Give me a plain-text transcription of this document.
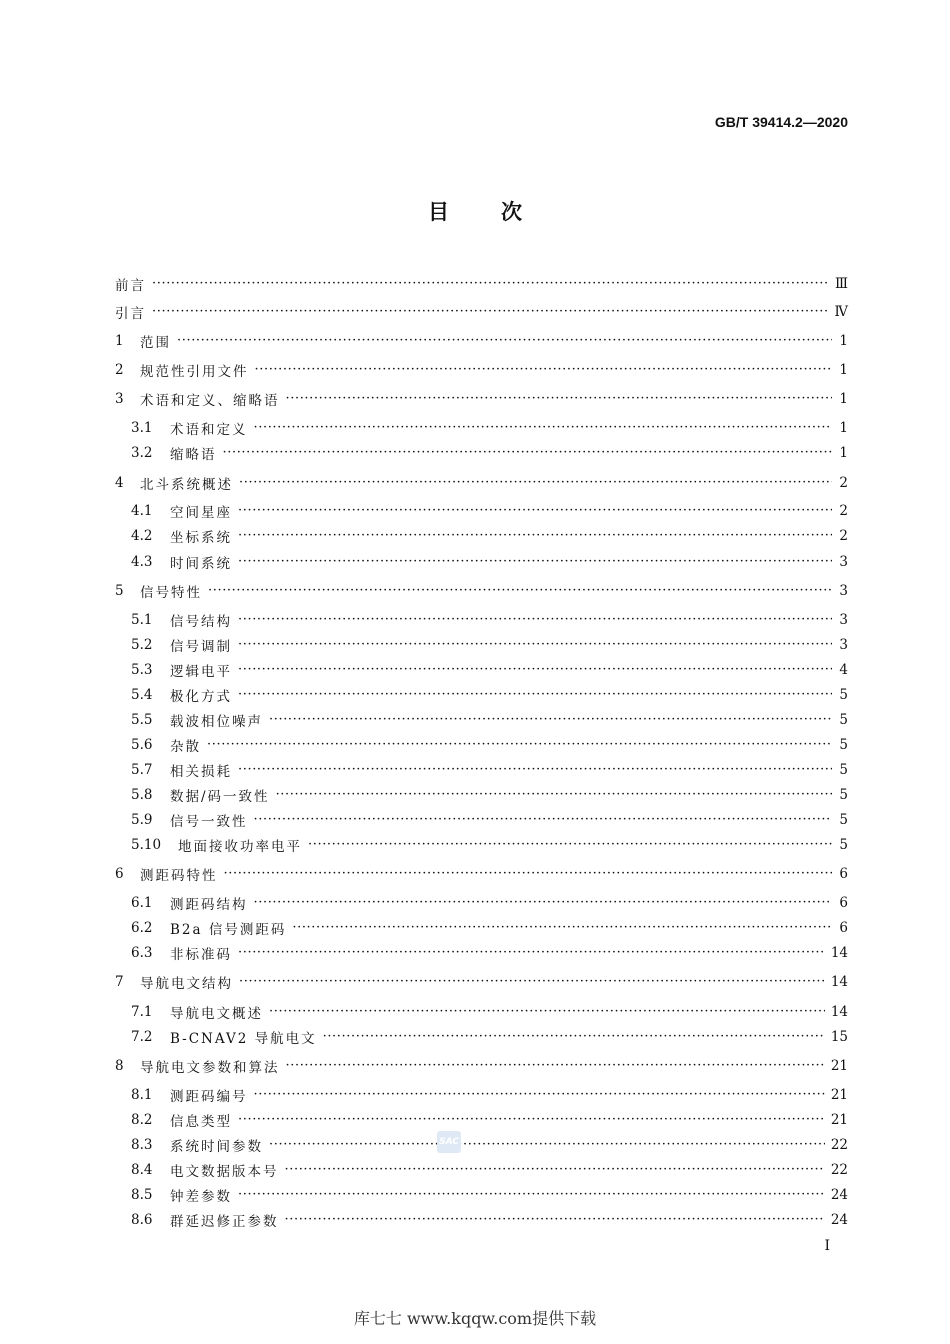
GB/T 39414.2—2020
目次
前言 ·····	Ⅲ
引言 ·····	Ⅳ
1	范围 ·····	1
2	规范性引用文件 ·····	1
3	术语和定义、缩略语 ·····	1
3.1	术语和定义 ·····	1
3.2	缩略语 ·····	1
4	北斗系统概述 ·····	2
4.1	空间星座 ·····	2
4.2	坐标系统 ·····	2
4.3	时间系统 ·····	3
5	信号特性 ·····	3
5.1	信号结构 ·····	3
5.2	信号调制 ·····	3
5.3	逻辑电平 ·····	4
5.4	极化方式 ·····	5
5.5	载波相位噪声 ·····	5
5.6	杂散 ·····	5
5.7	相关损耗 ·····	5
5.8	数据/码一致性 ·····	5
5.9	信号一致性 ·····	5
5.10	地面接收功率电平 ·····	5
6	测距码特性 ·····	6
6.1	测距码结构 ·····	6
6.2	B2a 信号测距码 ·····	6
6.3	非标准码 ·····	14
7	导航电文结构 ·····	14
7.1	导航电文概述 ·····	14
7.2	B-CNAV2 导航电文 ·····	15
8	导航电文参数和算法 ·····	21
8.1	测距码编号 ·····	21
8.2	信息类型 ·····	21
8.3	系统时间参数 ·····	22
8.4	电文数据版本号 ·····	22
8.5	钟差参数 ·····	24
8.6	群延迟修正参数 ·····	24
SAC
I
库七七 www.kqqw.com提供下载
